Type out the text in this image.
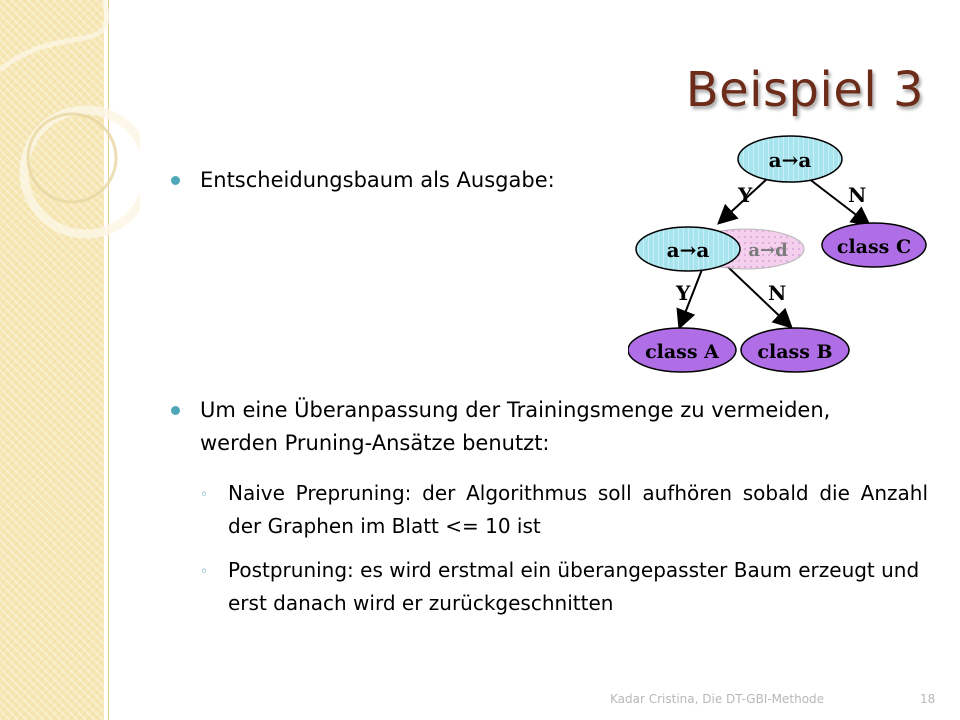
Beispiel 3
Entscheidungsbaum als Ausgabe:
Um eine Überanpassung der Trainingsmenge zu vermeiden, werden Pruning-Ansätze benutzt:
◦ Naive Prepruning: der Algorithmus soll aufhören sobald die Anzahl der Graphen im Blatt <= 10 ist
◦ Postpruning: es wird erstmal ein überangepasster Baum erzeugt und erst danach wird er zurückgeschnitten
Y	N
Y	N
a→a
a→d
a→a	class C
class A class B
Kadar Cristina, Die DT-GBI-Methode	18
